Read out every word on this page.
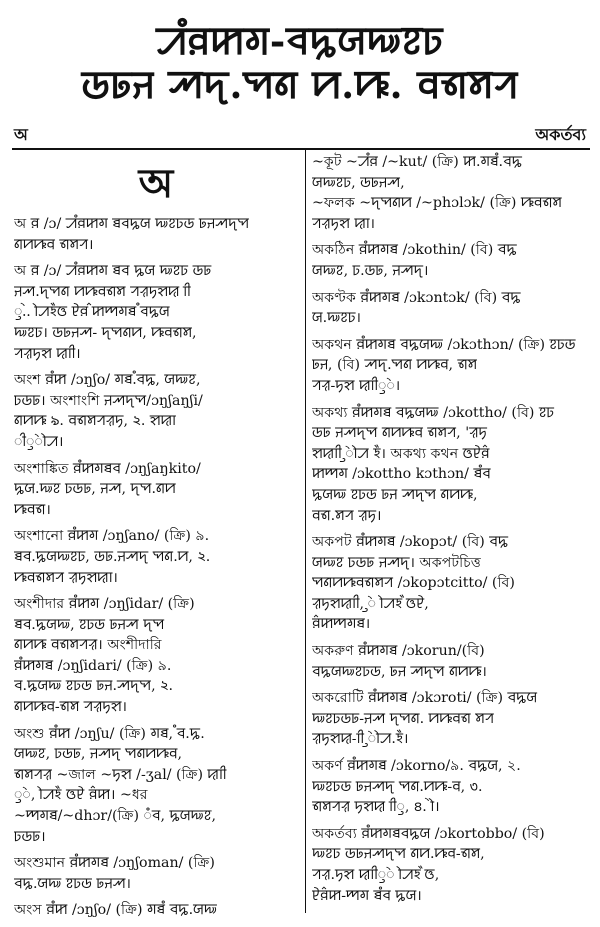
ꠀꠋꠅꠇꠉ-ꠌꠍꠎꠏꠐꠑ
ꠒꠓꠔ ꠕꠖ.ꠗꠘ ꠙ.ꠚ. ꠛꠜꠝꠞ
অ	অকর্তব্য
অ
অ ꠅ /ɔ/ ꠀꠋꠅꠇꠉ ꠊꠌꠍꠎ ꠏꠐꠑꠒ ꠓꠔꠕꠖꠗ
ꠘꠙꠚꠛ ꠜꠝꠞ।
অ ꠅ /ɔ/ ꠀꠋꠅꠇꠉ ꠊꠌ ꠍꠎ ꠏꠐꠑ ꠒꠓ
ꠔꠕ.ꠖꠗꠘ ꠙꠚꠛꠜꠝ ꠞꠟꠠꠡꠢ ꠣꠤ
ꠥ.ꠦ. ꠧꠀꠁꠂꠃ ꠄꠅ ꠆ꠇꠈꠉꠊ ꠋꠌꠍꠎ
ꠏꠐꠑ। ꠒꠓꠔꠕ- ꠖꠗꠘꠙ, ꠚꠛꠜꠝ,
ꠞꠟꠠꠡ ꠢꠣꠤ।
অংশ ꠅꠋꠇ /ɔŋʃo/ ꠉꠊ.ꠋꠌꠍ, ꠎꠏꠐ,
ꠑꠒꠓ। অংশাংশি ꠔꠕꠖꠗ/ɔŋʃaŋʃi/
ꠘꠙꠚ ৯. ꠛꠜꠝꠞꠟꠠ, ২. ꠡꠢꠣ
ꠤꠥꠦꠧꠀ।
অংশাঙ্কিত ꠅꠋꠇꠉꠊꠌ /ɔŋʃaŋkito/
ꠍꠎ.ꠏꠐ ꠑꠒꠓ, ꠔꠕ, ꠖꠗ.ꠘꠙ
ꠚꠛꠜ।
অংশানো ꠅꠋꠇꠉ /ɔŋʃano/ (ক্রি) ৯.
ꠊꠌ.ꠍꠎꠏꠐꠑ, ꠒꠓ.ꠔꠕꠖ ꠗꠘ.ꠙ, ২.
ꠚꠛꠜꠝꠞ ꠟꠠꠡꠢꠣ।
অংশীদার ꠅꠋꠇꠉ /ɔŋʃidar/ (ক্রি)
ꠊꠌ.ꠍꠎꠏ, ꠐꠑꠒ ꠓꠔꠕ ꠖꠗ
ꠘꠙꠚ ꠛꠜꠝꠞꠟ। অংশীদারি
ꠅꠋꠇꠉꠊ /ɔŋʃidari/ (ক্রি) ৯.
ꠌ.ꠍꠎꠏ ꠐꠑꠒ ꠓꠔ.ꠕꠖꠗ, ২.
ꠘꠙꠚꠛ-ꠜꠝ ꠞꠟꠠꠡ।
অংশু ꠅꠋꠇ /ɔŋʃu/ (ক্রি) ꠉꠊ, ꠋꠌ.ꠍ.
ꠎꠏꠐ, ꠑꠒꠓ, ꠔꠕꠖ ꠗꠘꠙꠚꠛ,
ꠜꠝꠞꠟ ~জাল ~ꠠꠡ /-ʒal/ (ক্রি) ꠢꠣꠤ
ꠥꠦ, ꠧꠀꠁꠂ ꠃꠄ ꠅ꠆ꠇ। ~ধর
~ꠈꠉꠊ/~dhɔr/(ক্রি) ꠋꠌ, ꠍꠎꠏꠐ,
ꠑꠒꠓ।
অংশুমান ꠅꠋꠇꠉꠊ /ɔŋʃoman/ (ক্রি)
ꠌꠍ.ꠎꠏ ꠐꠑꠒ ꠓꠔꠕ।
অংস ꠅꠋꠇ /ɔŋʃo/ (ক্রি) ꠉꠊꠋ ꠌꠍ.ꠎꠏ
~কূট ~ꠀꠋꠅ /~kut/ (ক্রি) ꠇ.ꠉꠊꠋ.ꠌꠍ
ꠎꠏꠐꠑ, ꠒꠓꠔꠕ,
~ফলক ~ꠖꠗꠘꠙ /~phɔlɔk/ (ক্রি) ꠚꠛꠜꠝ
ꠞꠟꠠꠡ ꠢꠣ।
অকঠিন ꠅꠋꠇꠉꠊ /ɔkothin/ (বি) ꠌꠍ
ꠎꠏꠐ, ꠑ.ꠒꠓ, ꠔꠕꠖ।
অকণ্টক ꠅꠋꠇꠉꠊ /ɔkɔntɔk/ (বি) ꠌꠍ
ꠎ.ꠏꠐꠑ।
অকথন ꠅꠋꠇꠉꠊ ꠌꠍꠎꠏ /ɔkɔthɔn/ (ক্রি) ꠐꠑꠒ
ꠓꠔ, (বি) ꠕꠖ.ꠗꠘ ꠙꠚꠛ, ꠜꠝ
ꠞꠟ-ꠠꠡ ꠢꠣꠤꠥꠦ।
অকথ্য ꠅꠋꠇꠉꠊ ꠌꠍꠎꠏ /ɔkottho/ (বি) ꠐꠑ
ꠒꠓ ꠔꠕꠖꠗ ꠘꠙꠚꠛ ꠜꠝꠞ, 'ꠟꠠ
ꠡꠢꠣꠤ ꠥꠦꠧꠀ ꠁꠂ। অকথ্য কথন ꠃꠄꠅ꠆
ꠇꠈꠉ /ɔkottho kɔthɔn/ ꠊꠋꠌ
ꠍꠎꠏ ꠐꠑꠒ ꠓꠔ ꠕꠖꠗ ꠘꠙꠚ,
ꠛꠜ.ꠝꠞ ꠟꠠ।
অকপট ꠅꠋꠇꠉꠊ /ɔkopɔt/ (বি) ꠌꠍ
ꠎꠏꠐ ꠑꠒꠓ ꠔꠕꠖ। অকপটচিত্ত
ꠗꠘꠙꠚꠛꠜꠝꠞ /ɔkopɔtcitto/ (বি)
ꠟꠠꠡꠢꠣꠤ, ꠥꠦ ꠧꠀꠁ ꠂꠃꠄ,
ꠅ꠆ꠇꠈꠉꠊ।
অকরুণ ꠅꠋꠇꠉꠊ /ɔkorun/(বি)
ꠌꠍꠎꠏꠐꠑꠒ, ꠓꠔ ꠕꠖꠗ ꠘꠙꠚ।
অকরোটি ꠅꠋꠇꠉꠊ /ɔkɔroti/ (ক্রি) ꠌꠍꠎ
ꠏꠐꠑꠒꠓ-ꠔꠕ ꠖꠗꠘ. ꠙꠚꠛꠜ ꠝꠞ
ꠟꠠꠡꠢ-ꠣꠤ ꠥꠦꠧꠀ.ꠁꠂ।
অকর্ণ ꠅꠋꠇꠉꠊ /ɔkorno/৯. ꠌꠍꠎ, ২.
ꠏꠐꠑꠒ ꠓꠔꠕꠖ ꠗꠘ.ꠙꠚ-ꠛ, ৩.
ꠜꠝꠞꠟ ꠠꠡꠢ ꠣꠤꠥ, ৪. ꠦꠧ।
অকর্তব্য ꠅꠋꠇꠉꠊꠌꠍꠎ /ɔkortobbo/ (বি)
ꠏꠐꠑ ꠒꠓꠔꠕꠖꠗ ꠘꠙ.ꠚꠛ-ꠜꠝ,
ꠞꠟ.ꠠꠡ ꠢꠣꠤꠥꠦ ꠧꠀꠁ ꠂꠃ,
ꠄꠅ꠆ꠇ-ꠈꠉ ꠊꠋꠌ ꠍꠎ।
